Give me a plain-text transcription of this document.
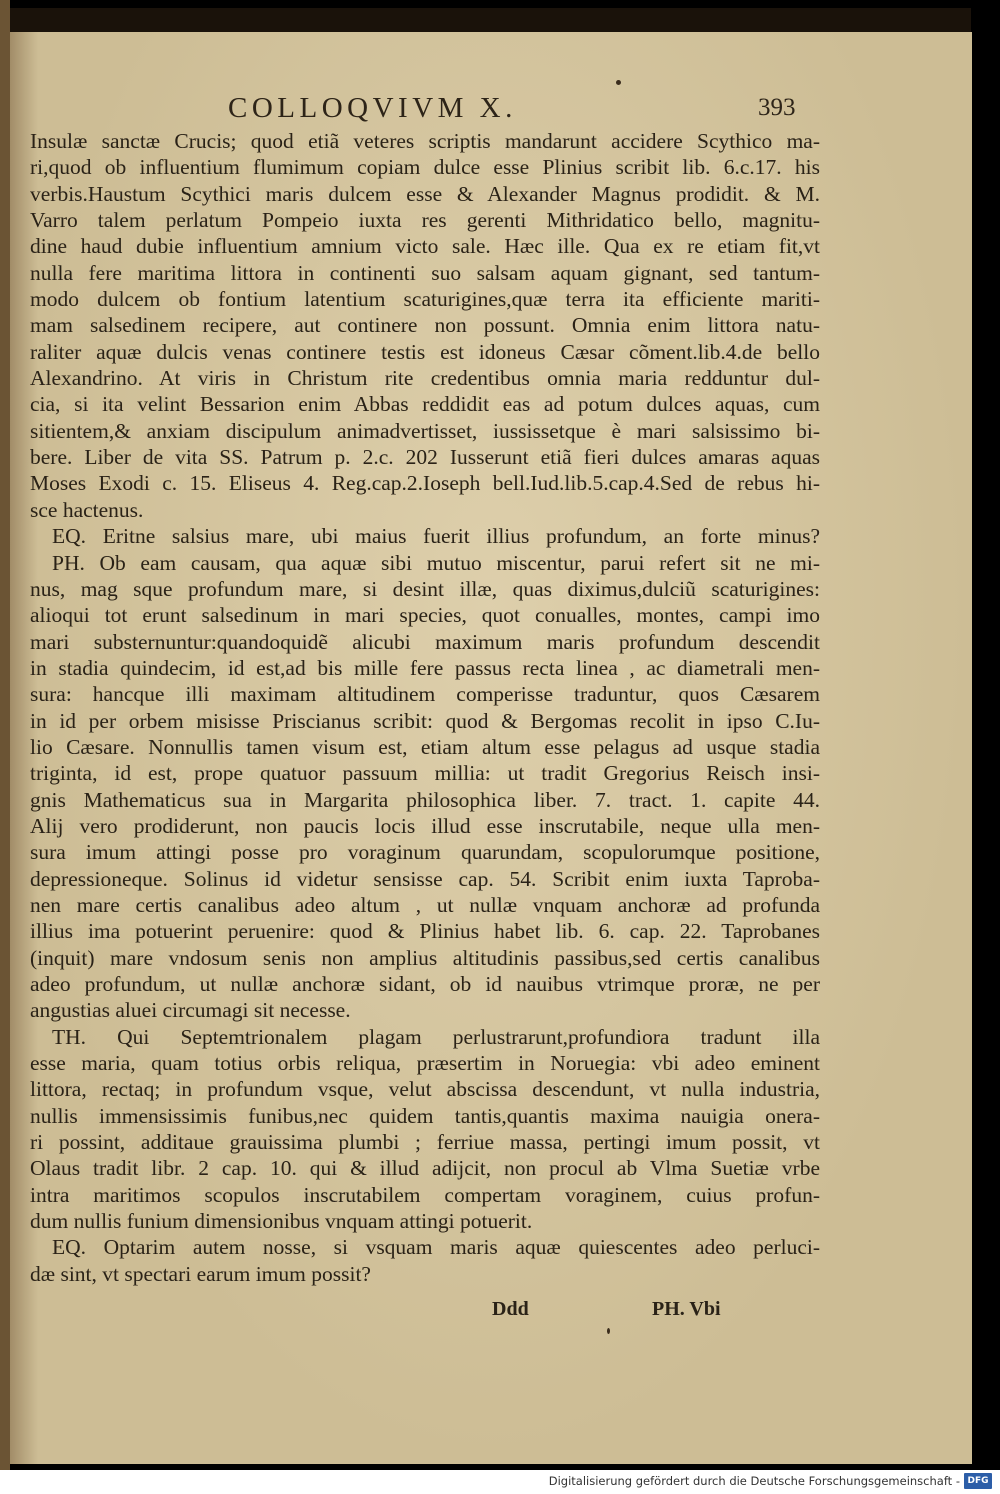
COLLOQVIVM X.	393
Insulæ sanctæ Crucis; quod etiã veteres scriptis mandarunt accidere Scythico ma-
ri,quod ob influentium flumimum copiam dulce esse Plinius scribit lib. 6.c.17. his
verbis.Haustum Scythici maris dulcem esse & Alexander Magnus prodidit. & M.
Varro talem perlatum Pompeio iuxta res gerenti Mithridatico bello, magnitu-
dine haud dubie influentium amnium victo sale. Hæc ille. Qua ex re etiam fit,vt
nulla fere maritima littora in continenti suo salsam aquam gignant, sed tantum-
modo dulcem ob fontium latentium scaturigines,quæ terra ita efficiente mariti-
mam salsedinem recipere, aut continere non possunt. Omnia enim littora natu-
raliter aquæ dulcis venas continere testis est idoneus Cæsar cõment.lib.4.de bello
Alexandrino. At viris in Christum rite credentibus omnia maria redduntur dul-
cia, si ita velint Bessarion enim Abbas reddidit eas ad potum dulces aquas, cum
sitientem,& anxiam discipulum animadvertisset, iussissetque è mari salsissimo bi-
bere. Liber de vita SS. Patrum p. 2.c. 202 Iusserunt etiã fieri dulces amaras aquas
Moses Exodi c. 15. Eliseus 4. Reg.cap.2.Ioseph bell.Iud.lib.5.cap.4.Sed de rebus hi-
sce hactenus.
EQ. Eritne salsius mare, ubi maius fuerit illius profundum, an forte minus?
PH. Ob eam causam, qua aquæ sibi mutuo miscentur, parui refert sit ne mi-
nus, mag sque profundum mare, si desint illæ, quas diximus,dulciũ scaturigines:
alioqui tot erunt salsedinum in mari species, quot conualles, montes, campi imo
mari substernuntur:quandoquidẽ alicubi maximum maris profundum descendit
in stadia quindecim, id est,ad bis mille fere passus recta linea , ac diametrali men-
sura: hancque illi maximam altitudinem comperisse traduntur, quos Cæsarem
in id per orbem misisse Priscianus scribit: quod & Bergomas recolit in ipso C.Iu-
lio Cæsare. Nonnullis tamen visum est, etiam altum esse pelagus ad usque stadia
triginta, id est, prope quatuor passuum millia: ut tradit Gregorius Reisch insi-
gnis Mathematicus sua in Margarita philosophica liber. 7. tract. 1. capite 44.
Alij vero prodiderunt, non paucis locis illud esse inscrutabile, neque ulla men-
sura imum attingi posse pro voraginum quarundam, scopulorumque positione,
depressioneque. Solinus id videtur sensisse cap. 54. Scribit enim iuxta Taproba-
nen mare certis canalibus adeo altum , ut nullæ vnquam anchoræ ad profunda
illius ima potuerint peruenire: quod & Plinius habet lib. 6. cap. 22. Taprobanes
(inquit) mare vndosum senis non amplius altitudinis passibus,sed certis canalibus
adeo profundum, ut nullæ anchoræ sidant, ob id nauibus vtrimque proræ, ne per
angustias aluei circumagi sit necesse.
TH. Qui Septemtrionalem plagam perlustrarunt,profundiora tradunt illa
esse maria, quam totius orbis reliqua, præsertim in Noruegia: vbi adeo eminent
littora, rectaq; in profundum vsque, velut abscissa descendunt, vt nulla industria,
nullis immensissimis funibus,nec quidem tantis,quantis maxima nauigia onera-
ri possint, additaue grauissima plumbi ; ferriue massa, pertingi imum possit, vt
Olaus tradit libr. 2 cap. 10. qui & illud adijcit, non procul ab Vlma Suetiæ vrbe
intra maritimos scopulos inscrutabilem compertam voraginem, cuius profun-
dum nullis funium dimensionibus vnquam attingi potuerit.
EQ. Optarim autem nosse, si vsquam maris aquæ quiescentes adeo perluci-
dæ sint, vt spectari earum imum possit?
Ddd	PH. Vbi
Digitalisierung gefördert durch die Deutsche Forschungsgemeinschaft - DFG
